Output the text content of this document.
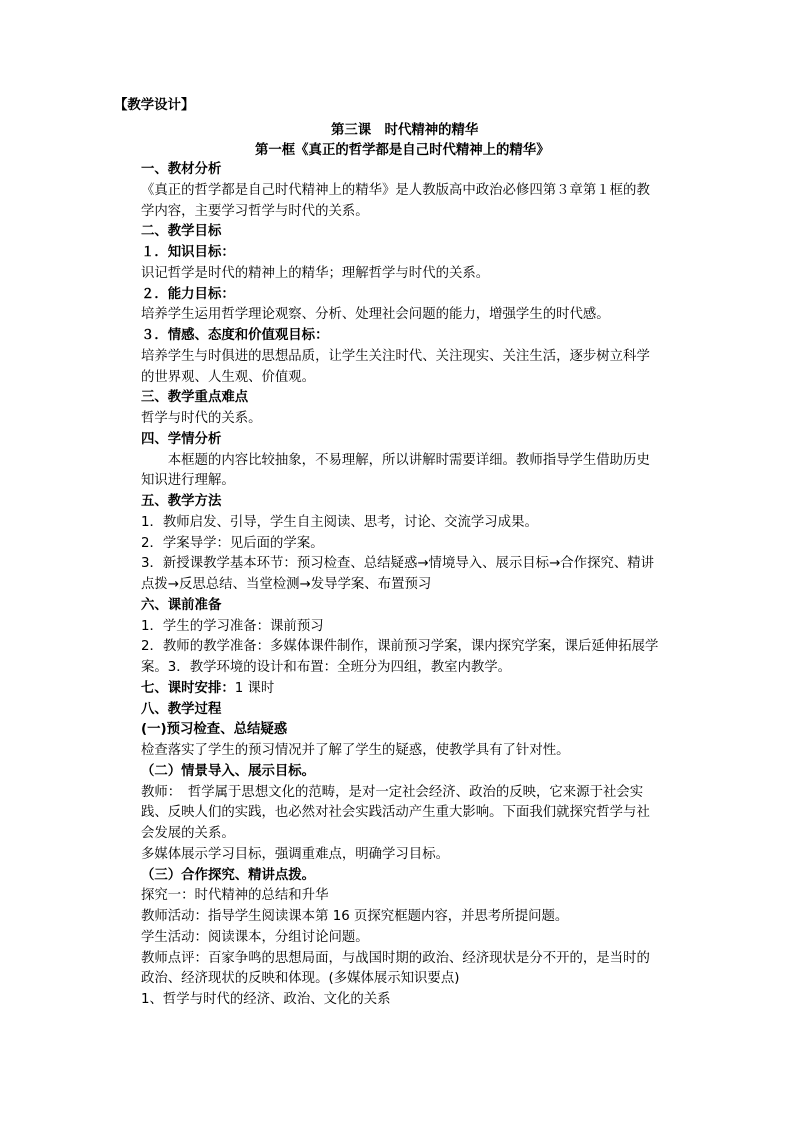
【教学设计】
第三课　时代精神的精华
第一框《真正的哲学都是自己时代精神上的精华》
一、教材分析
《真正的哲学都是自己时代精神上的精华》是人教版高中政治必修四第３章第１框的教
学内容，主要学习哲学与时代的关系。
二、教学目标
１．知识目标：
识记哲学是时代的精神上的精华；理解哲学与时代的关系。
２．能力目标：
培养学生运用哲学理论观察、分析、处理社会问题的能力，增强学生的时代感。
３．情感、态度和价值观目标：
培养学生与时俱进的思想品质，让学生关注时代、关注现实、关注生活，逐步树立科学
的世界观、人生观、价值观。
三、教学重点难点
哲学与时代的关系。
四、学情分析
　　本框题的内容比较抽象，不易理解，所以讲解时需要详细。教师指导学生借助历史
知识进行理解。
五、教学方法
1．教师启发、引导，学生自主阅读、思考，讨论、交流学习成果。
2．学案导学：见后面的学案。
3．新授课教学基本环节：预习检查、总结疑惑→情境导入、展示目标→合作探究、精讲
点拨→反思总结、当堂检测→发导学案、布置预习
六、课前准备
1．学生的学习准备：课前预习
2．教师的教学准备：多媒体课件制作，课前预习学案，课内探究学案，课后延伸拓展学
案。3．教学环境的设计和布置：全班分为四组，教室内教学。
七、课时安排：1 课时
八、教学过程
(一)预习检查、总结疑惑
检查落实了学生的预习情况并了解了学生的疑惑，使教学具有了针对性。
（二）情景导入、展示目标。
教师：　哲学属于思想文化的范畴，是对一定社会经济、政治的反映，它来源于社会实
践、反映人们的实践，也必然对社会实践活动产生重大影响。下面我们就探究哲学与社
会发展的关系。
多媒体展示学习目标，强调重难点，明确学习目标。
（三）合作探究、精讲点拨。
探究一：时代精神的总结和升华
教师活动：指导学生阅读课本第 16 页探究框题内容，并思考所提问题。
学生活动：阅读课本，分组讨论问题。
教师点评：百家争鸣的思想局面，与战国时期的政治、经济现状是分不开的，是当时的
政治、经济现状的反映和体现。(多媒体展示知识要点)
1、哲学与时代的经济、政治、文化的关系
